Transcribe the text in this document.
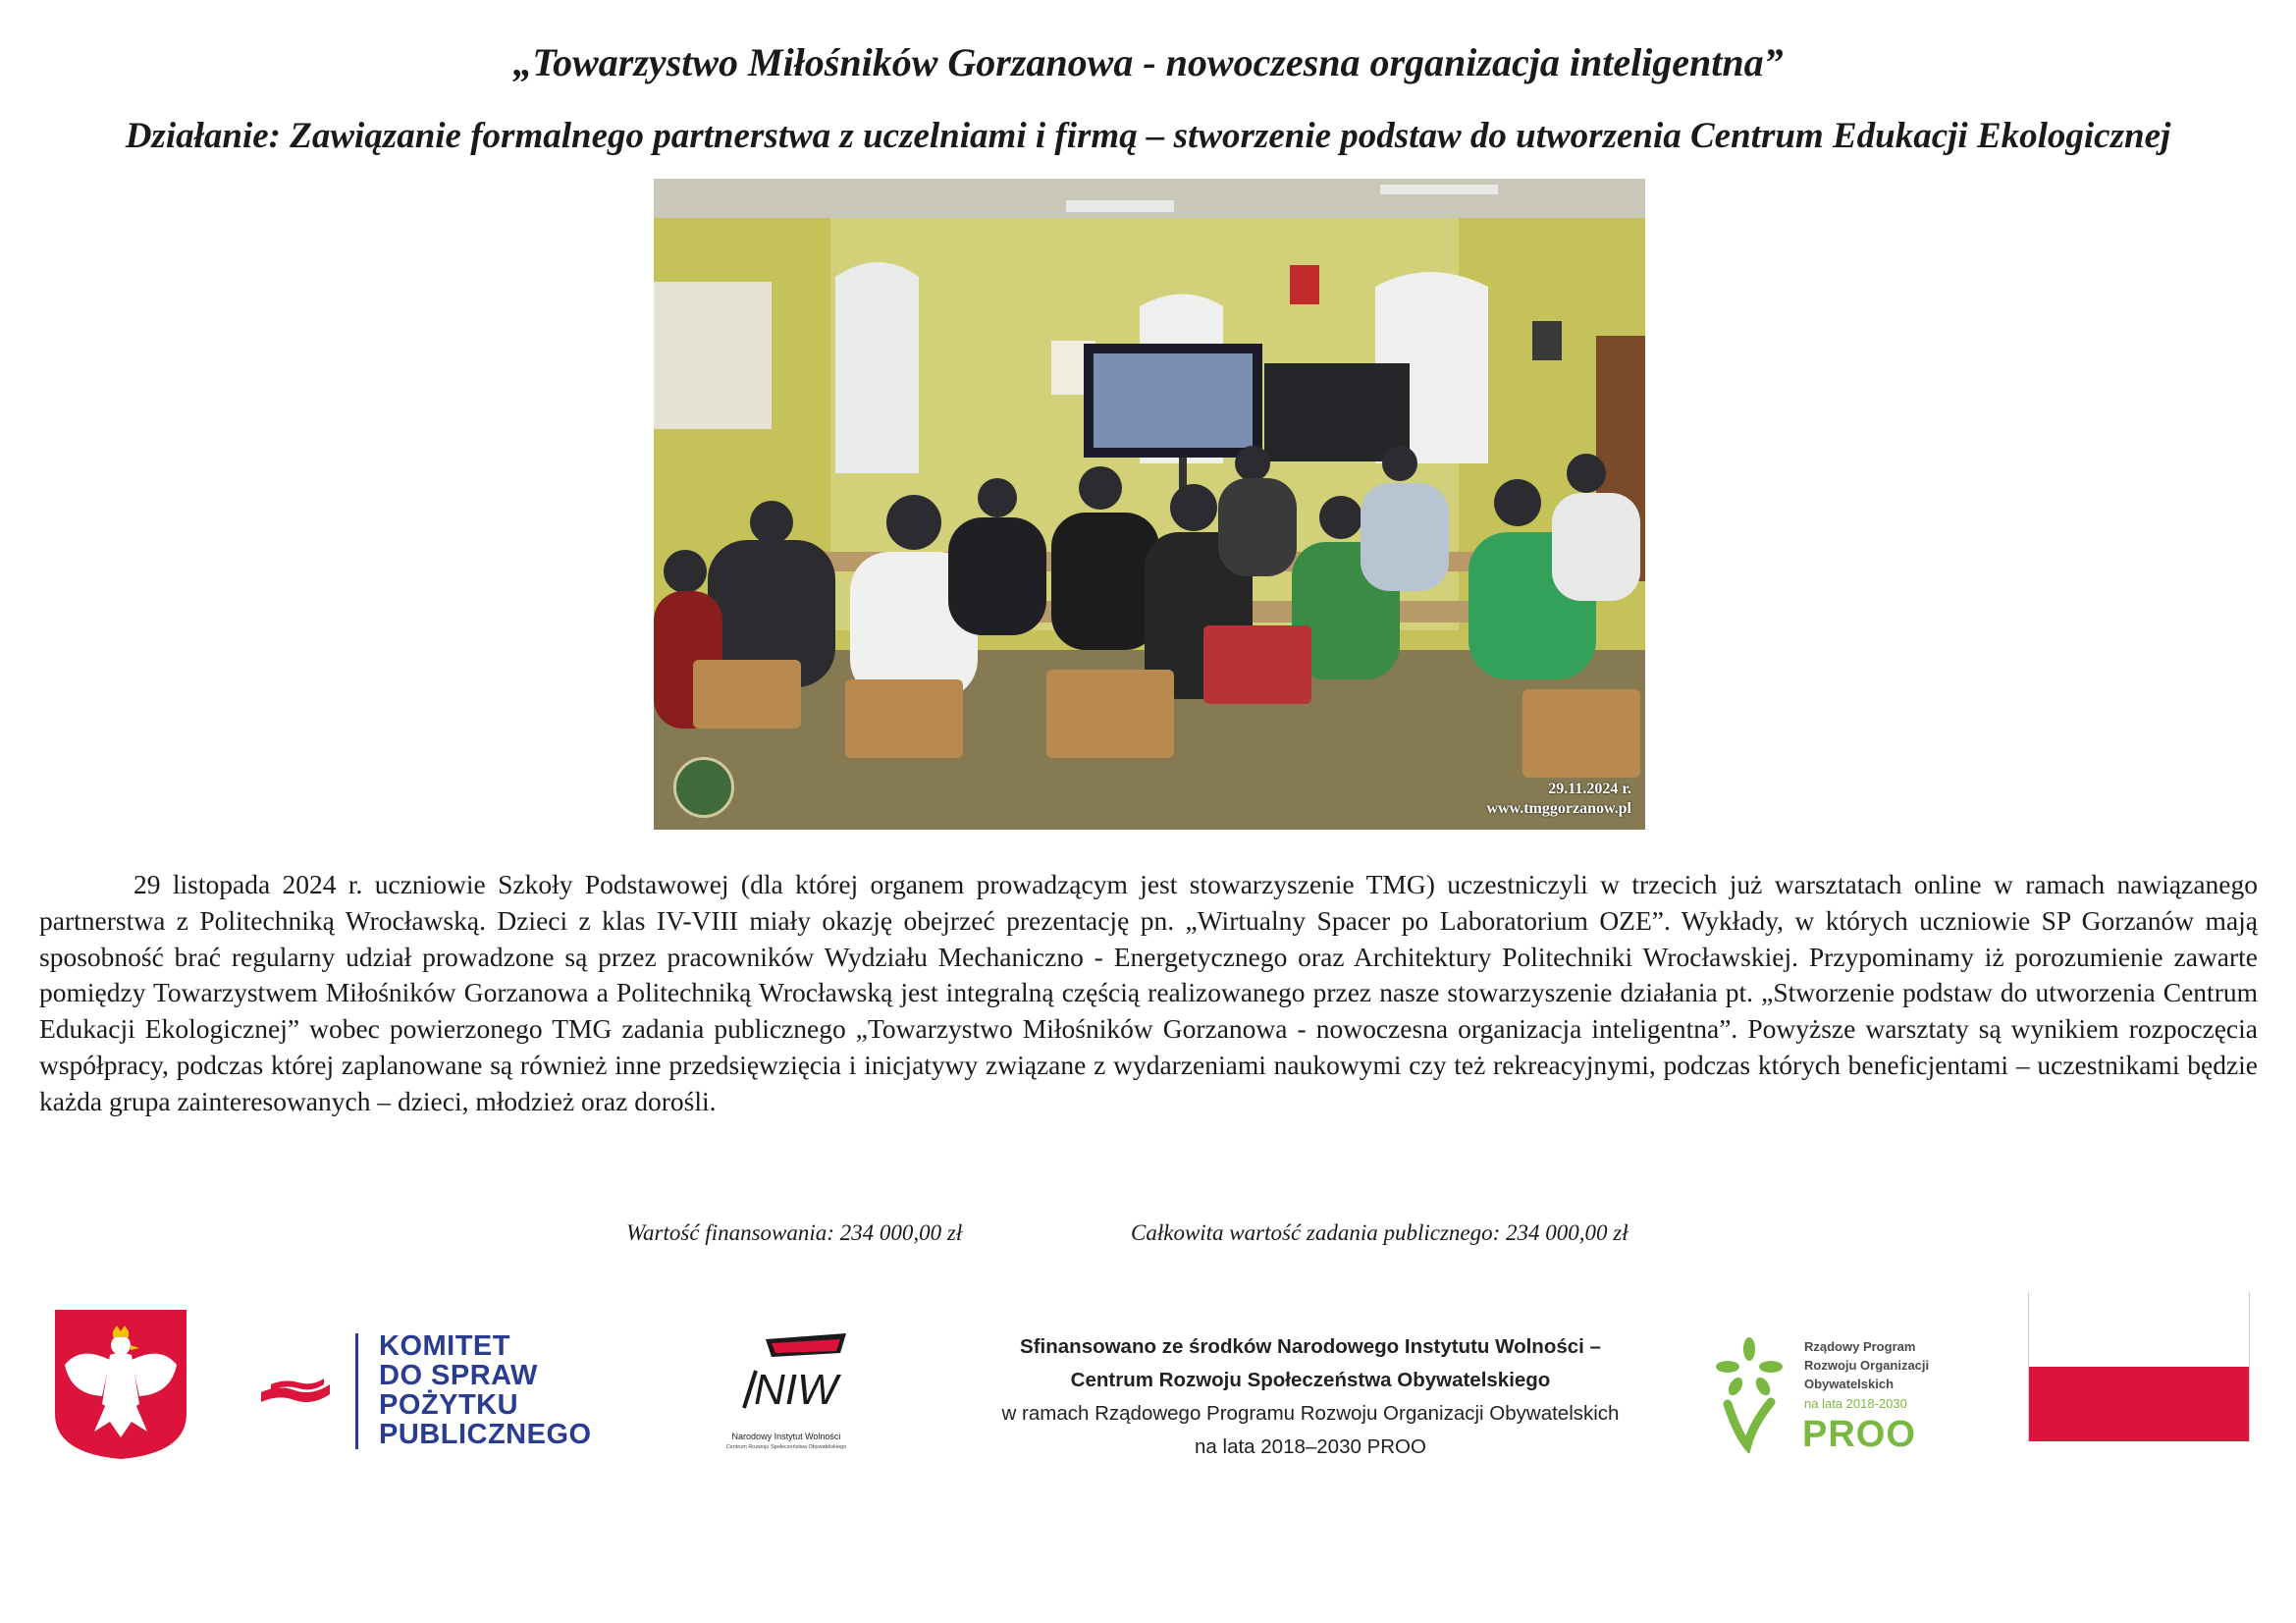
„Towarzystwo Miłośników Gorzanowa - nowoczesna organizacja inteligentna”
Działanie: Zawiązanie formalnego partnerstwa z uczelniami i firmą – stworzenie podstaw do utworzenia Centrum Edukacji Ekologicznej
29.11.2024 r.
www.tmggorzanow.pl

29 listopada 2024 r. uczniowie Szkoły Podstawowej (dla której organem prowadzącym jest stowarzyszenie TMG) uczestniczyli w trzecich już warsztatach online w ramach nawiązanego partnerstwa z Politechniką Wrocławską. Dzieci z klas IV-VIII miały okazję obejrzeć prezentację pn. „Wirtualny Spacer po Laboratorium OZE”. Wykłady, w których uczniowie SP Gorzanów mają sposobność brać regularny udział prowadzone są przez pracowników Wydziału Mechaniczno - Energetycznego oraz Architektury Politechniki Wrocławskiej. Przypominamy iż porozumienie zawarte pomiędzy Towarzystwem Miłośników Gorzanowa a Politechniką Wrocławską jest integralną częścią realizowanego przez nasze stowarzyszenie działania pt. „Stworzenie podstaw do utworzenia Centrum Edukacji Ekologicznej” wobec powierzonego TMG zadania publicznego „Towarzystwo Miłośników Gorzanowa - nowoczesna organizacja inteligentna”. Powyższe warsztaty są wynikiem rozpoczęcia współpracy, podczas której zaplanowane są również inne przedsięwzięcia i inicjatywy związane z wydarzeniami naukowymi czy też rekreacyjnymi, podczas których beneficjentami – uczestnikami będzie każda grupa zainteresowanych – dzieci, młodzież oraz dorośli.

Wartość finansowania: 234 000,00 zł	Całkowita wartość zadania publicznego: 234 000,00 zł

KOMITET
DO SPRAW
POŻYTKU
PUBLICZNEGO
NIW

Narodowy Instytut Wolności

Centrum Rozwoju Społeczeństwa Obywatelskiego

Sfinansowano ze środków Narodowego Instytutu Wolności –
Centrum Rozwoju Społeczeństwa Obywatelskiego
w ramach Rządowego Programu Rozwoju Organizacji Obywatelskich
na lata 2018–2030 PROO
Rządowy Program
Rozwoju Organizacji
Obywatelskich

na lata 2018-2030

PROO
